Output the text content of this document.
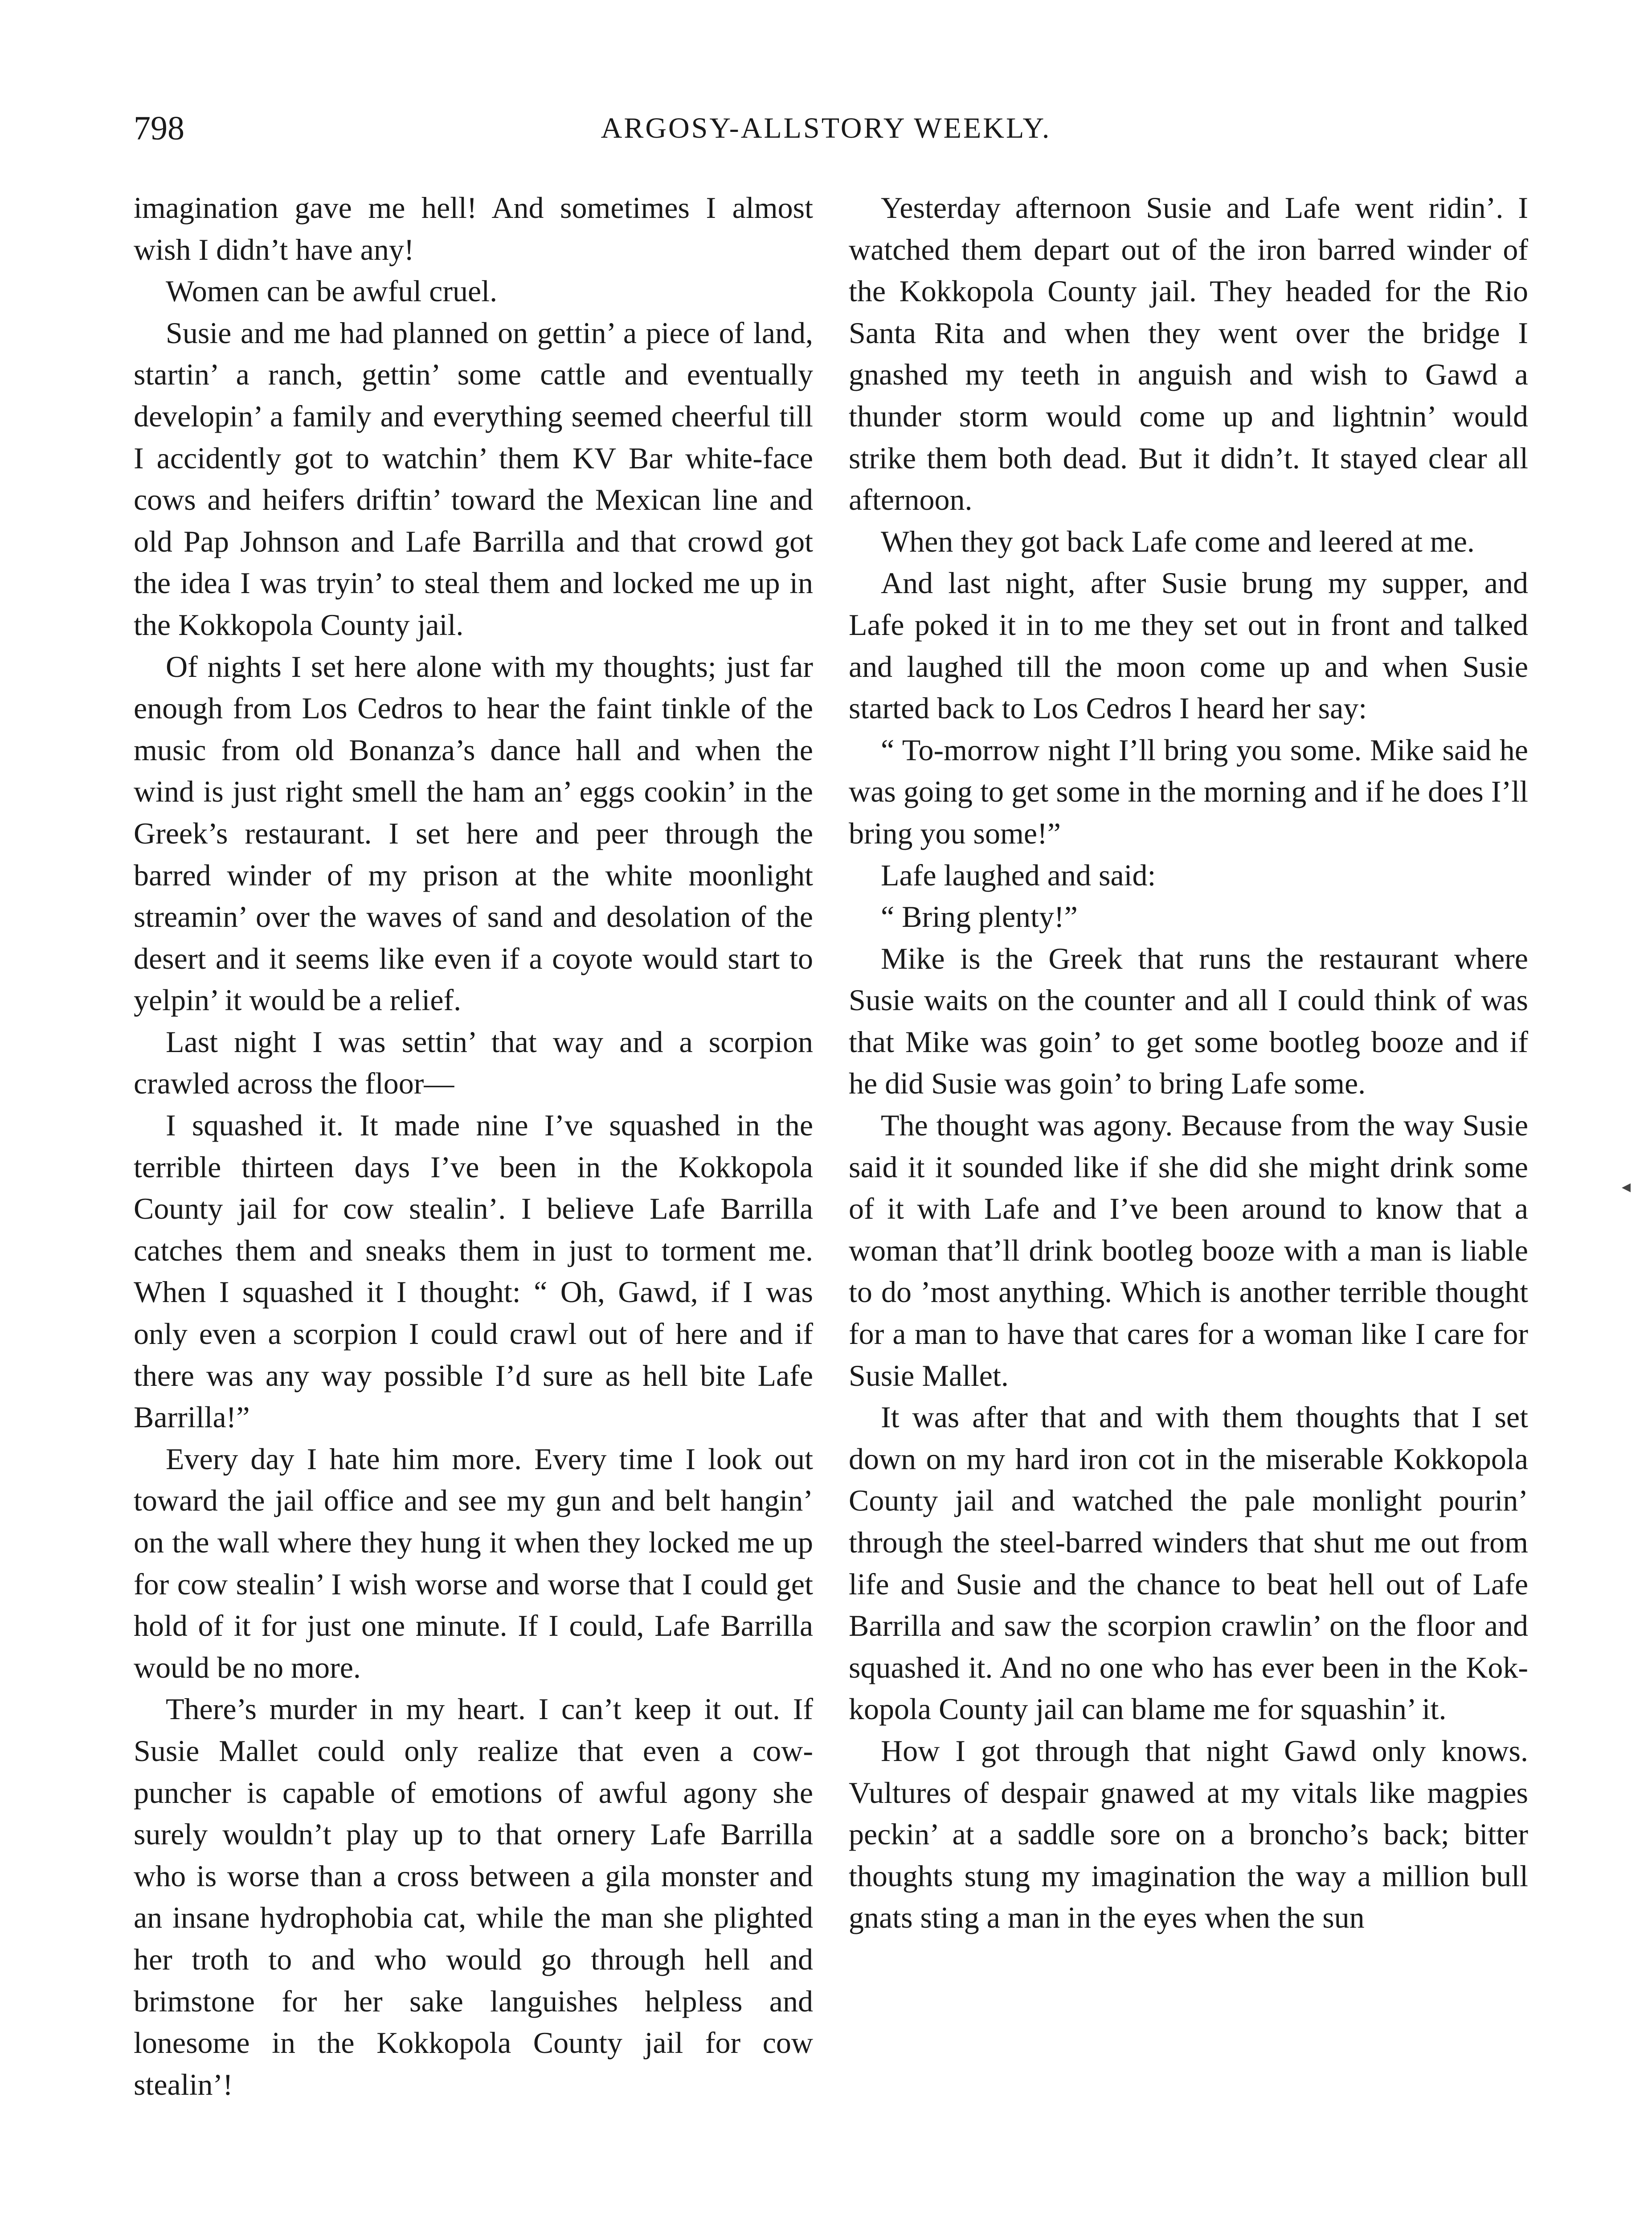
798	ARGOSY-ALLSTORY WEEKLY.

imagination gave me hell! And sometimes I almost wish I didn’t have any!

Women can be awful cruel.

Susie and me had planned on gettin’ a piece of land, startin’ a ranch, gettin’ some cattle and eventually developin’ a family and everything seemed cheerful till I accidently got to watchin’ them KV Bar white-face cows and heifers driftin’ toward the Mexican line and old Pap Johnson and Lafe Barrilla and that crowd got the idea I was tryin’ to steal them and locked me up in the Kokkopola County jail.

Of nights I set here alone with my thoughts; just far enough from Los Cedros to hear the faint tinkle of the music from old Bonanza’s dance hall and when the wind is just right smell the ham an’ eggs cookin’ in the Greek’s restaurant. I set here and peer through the barred winder of my prison at the white moonlight streamin’ over the waves of sand and desolation of the desert and it seems like even if a coyote would start to yelpin’ it would be a relief.

Last night I was settin’ that way and a scorpion crawled across the floor—

I squashed it. It made nine I’ve squashed in the terrible thirteen days I’ve been in the Kokkopola County jail for cow stealin’. I believe Lafe Barrilla catches them and sneaks them in just to torment me. When I squashed it I thought: “ Oh, Gawd, if I was only even a scorpion I could crawl out of here and if there was any way possible I’d sure as hell bite Lafe Barrilla!”

Every day I hate him more. Every time I look out toward the jail office and see my gun and belt hangin’ on the wall where they hung it when they locked me up for cow stealin’ I wish worse and worse that I could get hold of it for just one minute. If I could, Lafe Barrilla would be no more.

There’s murder in my heart. I can’t keep it out. If Susie Mallet could only realize that even a cow-puncher is capable of emotions of awful agony she surely wouldn’t play up to that ornery Lafe Barrilla who is worse than a cross between a gila monster and an insane hydrophobia cat, while the man she plighted her troth to and who would go through hell and brimstone for her sake languishes helpless and lonesome in the Kokkopola County jail for cow stealin’!

Yesterday afternoon Susie and Lafe went ridin’. I watched them depart out of the iron barred winder of the Kokkopola County jail. They headed for the Rio Santa Rita and when they went over the bridge I gnashed my teeth in anguish and wish to Gawd a thunder storm would come up and lightnin’ would strike them both dead. But it didn’t. It stayed clear all afternoon.

When they got back Lafe come and leered at me.

And last night, after Susie brung my supper, and Lafe poked it in to me they set out in front and talked and laughed till the moon come up and when Susie started back to Los Cedros I heard her say:

“ To-morrow night I’ll bring you some. Mike said he was going to get some in the morning and if he does I’ll bring you some!”

Lafe laughed and said:

“ Bring plenty!”

Mike is the Greek that runs the restaurant where Susie waits on the counter and all I could think of was that Mike was goin’ to get some bootleg booze and if he did Susie was goin’ to bring Lafe some.

The thought was agony. Because from the way Susie said it it sounded like if she did she might drink some of it with Lafe and I’ve been around to know that a woman that’ll drink bootleg booze with a man is liable to do ’most anything. Which is another terrible thought for a man to have that cares for a woman like I care for Susie Mallet.

It was after that and with them thoughts that I set down on my hard iron cot in the miserable Kokkopola County jail and watched the pale monlight pourin’ through the steel-barred winders that shut me out from life and Susie and the chance to beat hell out of Lafe Barrilla and saw the scorpion crawlin’ on the floor and squashed it. And no one who has ever been in the Kokkopola County jail can blame me for squashin’ it.

How I got through that night Gawd only knows. Vultures of despair gnawed at my vitals like magpies peckin’ at a saddle sore on a broncho’s back; bitter thoughts stung my imagination the way a million bull gnats sting a man in the eyes when the sun

◂
